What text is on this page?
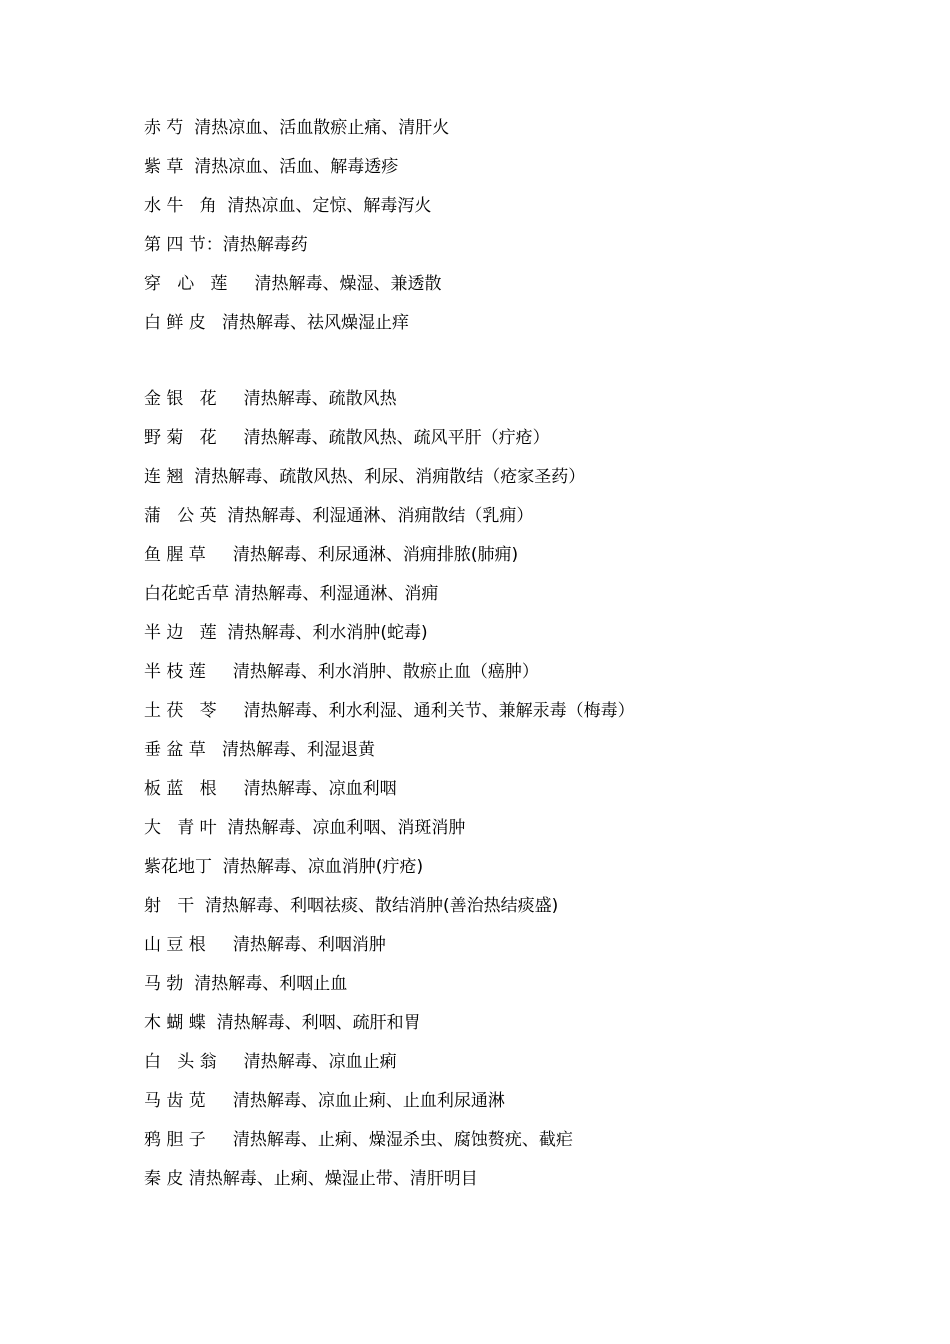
赤 芍  清热凉血、活血散瘀止痛、清肝火
紫 草  清热凉血、活血、解毒透疹
水 牛   角  清热凉血、定惊、解毒泻火
第 四 节：清热解毒药
穿   心   莲     清热解毒、燥湿、兼透散
白 鲜 皮   清热解毒、祛风燥湿止痒
金 银   花     清热解毒、疏散风热
野 菊   花     清热解毒、疏散风热、疏风平肝（疔疮）
连 翘  清热解毒、疏散风热、利尿、消痈散结（疮家圣药）
蒲   公 英  清热解毒、利湿通淋、消痈散结（乳痈）
鱼 腥 草     清热解毒、利尿通淋、消痈排脓(肺痈)
白花蛇舌草 清热解毒、利湿通淋、消痈
半 边   莲  清热解毒、利水消肿(蛇毒)
半 枝 莲     清热解毒、利水消肿、散瘀止血（癌肿）
土 茯   苓     清热解毒、利水利湿、通利关节、兼解汞毒（梅毒）
垂 盆 草   清热解毒、利湿退黄
板 蓝   根     清热解毒、凉血利咽
大   青 叶  清热解毒、凉血利咽、消斑消肿
紫花地丁  清热解毒、凉血消肿(疔疮)
射   干  清热解毒、利咽祛痰、散结消肿(善治热结痰盛)
山 豆 根     清热解毒、利咽消肿
马 勃  清热解毒、利咽止血
木 蝴 蝶  清热解毒、利咽、疏肝和胃
白   头 翁     清热解毒、凉血止痢
马 齿 苋     清热解毒、凉血止痢、止血利尿通淋
鸦 胆 子     清热解毒、止痢、燥湿杀虫、腐蚀赘疣、截疟
秦 皮 清热解毒、止痢、燥湿止带、清肝明目
